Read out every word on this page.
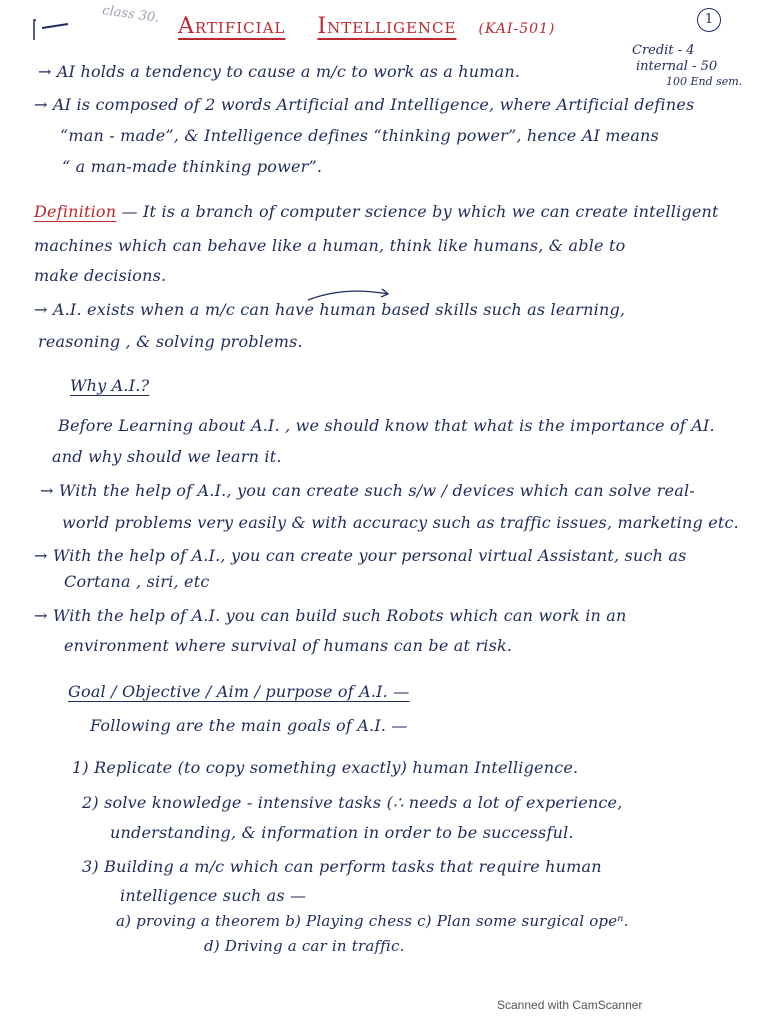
class 30. Artificial Intelligence (KAI-501)
1
Credit - 4
internal - 50
100 End sem.
→ AI holds a tendency to cause a m/c to work as a human.
→ AI is composed of 2 words Artificial and Intelligence, where Artificial defines
“man - made”, & Intelligence defines “thinking power”, hence AI means
“ a man-made thinking power”.
Definition — It is a branch of computer science by which we can create intelligent
machines which can behave like a human, think like humans, & able to
make decisions.
→ A.I. exists when a m/c can have human based skills such as learning,
reasoning , & solving problems.
Why A.I.?
Before Learning about A.I. , we should know that what is the importance of AI.
and why should we learn it.
→ With the help of A.I., you can create such s/w / devices which can solve real-
world problems very easily & with accuracy such as traffic issues, marketing etc.
→ With the help of A.I., you can create your personal virtual Assistant, such as
Cortana , siri, etc
→ With the help of A.I. you can build such Robots which can work in an
environment where survival of humans can be at risk.
Goal / Objective / Aim / purpose of A.I. —
Following are the main goals of A.I. —
1) Replicate (to copy something exactly) human Intelligence.
2) solve knowledge - intensive tasks (∴ needs a lot of experience,
understanding, & information in order to be successful.
3) Building a m/c which can perform tasks that require human
intelligence such as —
a) proving a theorem b) Playing chess c) Plan some surgical opeⁿ.
d) Driving a car in traffic.
Scanned with CamScanner
